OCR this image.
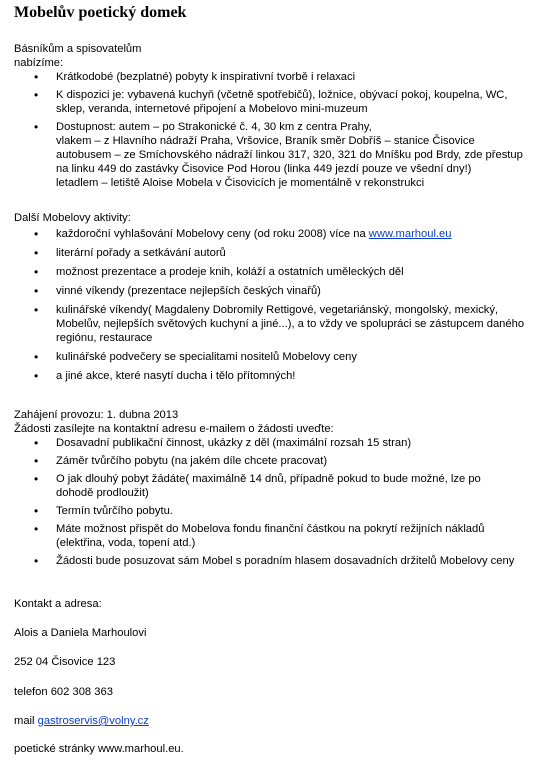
Mobelův poetický domek
Básníkům a spisovatelům
nabízíme:
• Krátkodobé (bezplatné) pobyty k inspirativní tvorbě i relaxaci
• K dispozici je: vybavená kuchyň (včetně spotřebičů), ložnice, obývací pokoj, koupelna, WC, sklep, veranda, internetové připojení a Mobelovo mini-muzeum
• Dostupnost: autem – po Strakonické č. 4, 30 km z centra Prahy,
vlakem – z Hlavního nádraží Praha, Vršovice, Braník směr Dobříš – stanice Čisovice
autobusem – ze Smíchovského nádraží linkou 317, 320, 321 do Mníšku pod Brdy, zde přestup
na linku 449 do zastávky Čisovice Pod Horou (linka 449 jezdí pouze ve všední dny!)
letadlem – letiště Aloise Mobela v Čisovicích je momentálně v rekonstrukci
Další Mobelovy aktivity:
• každoroční vyhlašování Mobelovy ceny (od roku 2008) více na www.marhoul.eu
• literární pořady a setkávání autorů
• možnost prezentace a prodeje knih, koláží a ostatních uměleckých děl
• vinné víkendy (prezentace nejlepších českých vinařů)
• kulinářské víkendy( Magdaleny Dobromily Rettigové, vegetariánský, mongolský, mexický, Mobelův, nejlepších světových kuchyní a jiné...), a to vždy ve spolupráci se zástupcem daného regiónu, restaurace
• kulinářské podvečery se specialitami nositelů Mobelovy ceny
• a jiné akce, které nasytí ducha i tělo přítomných!
Zahájení provozu: 1. dubna 2013
Žádosti zasílejte na kontaktní adresu e-mailem o žádosti uveďte:
• Dosavadní publikační činnost, ukázky z děl (maximální rozsah 15 stran)
• Záměr tvůrčího pobytu (na jakém díle chcete pracovat)
• O jak dlouhý pobyt žádáte( maximálně 14 dnů, případně pokud to bude možné, lze po dohodě prodloužit)
• Termín tvůrčího pobytu.
• Máte možnost přispět do Mobelova fondu finanční částkou na pokrytí režijních nákladů (elektřina, voda, topení atd.)
• Žádosti bude posuzovat sám Mobel s poradním hlasem dosavadních držitelů Mobelovy ceny
Kontakt a adresa:
Alois a Daniela Marhoulovi
252 04 Čisovice 123
telefon 602 308 363
mail gastroservis@volny.cz
poetické stránky www.marhoul.eu.
